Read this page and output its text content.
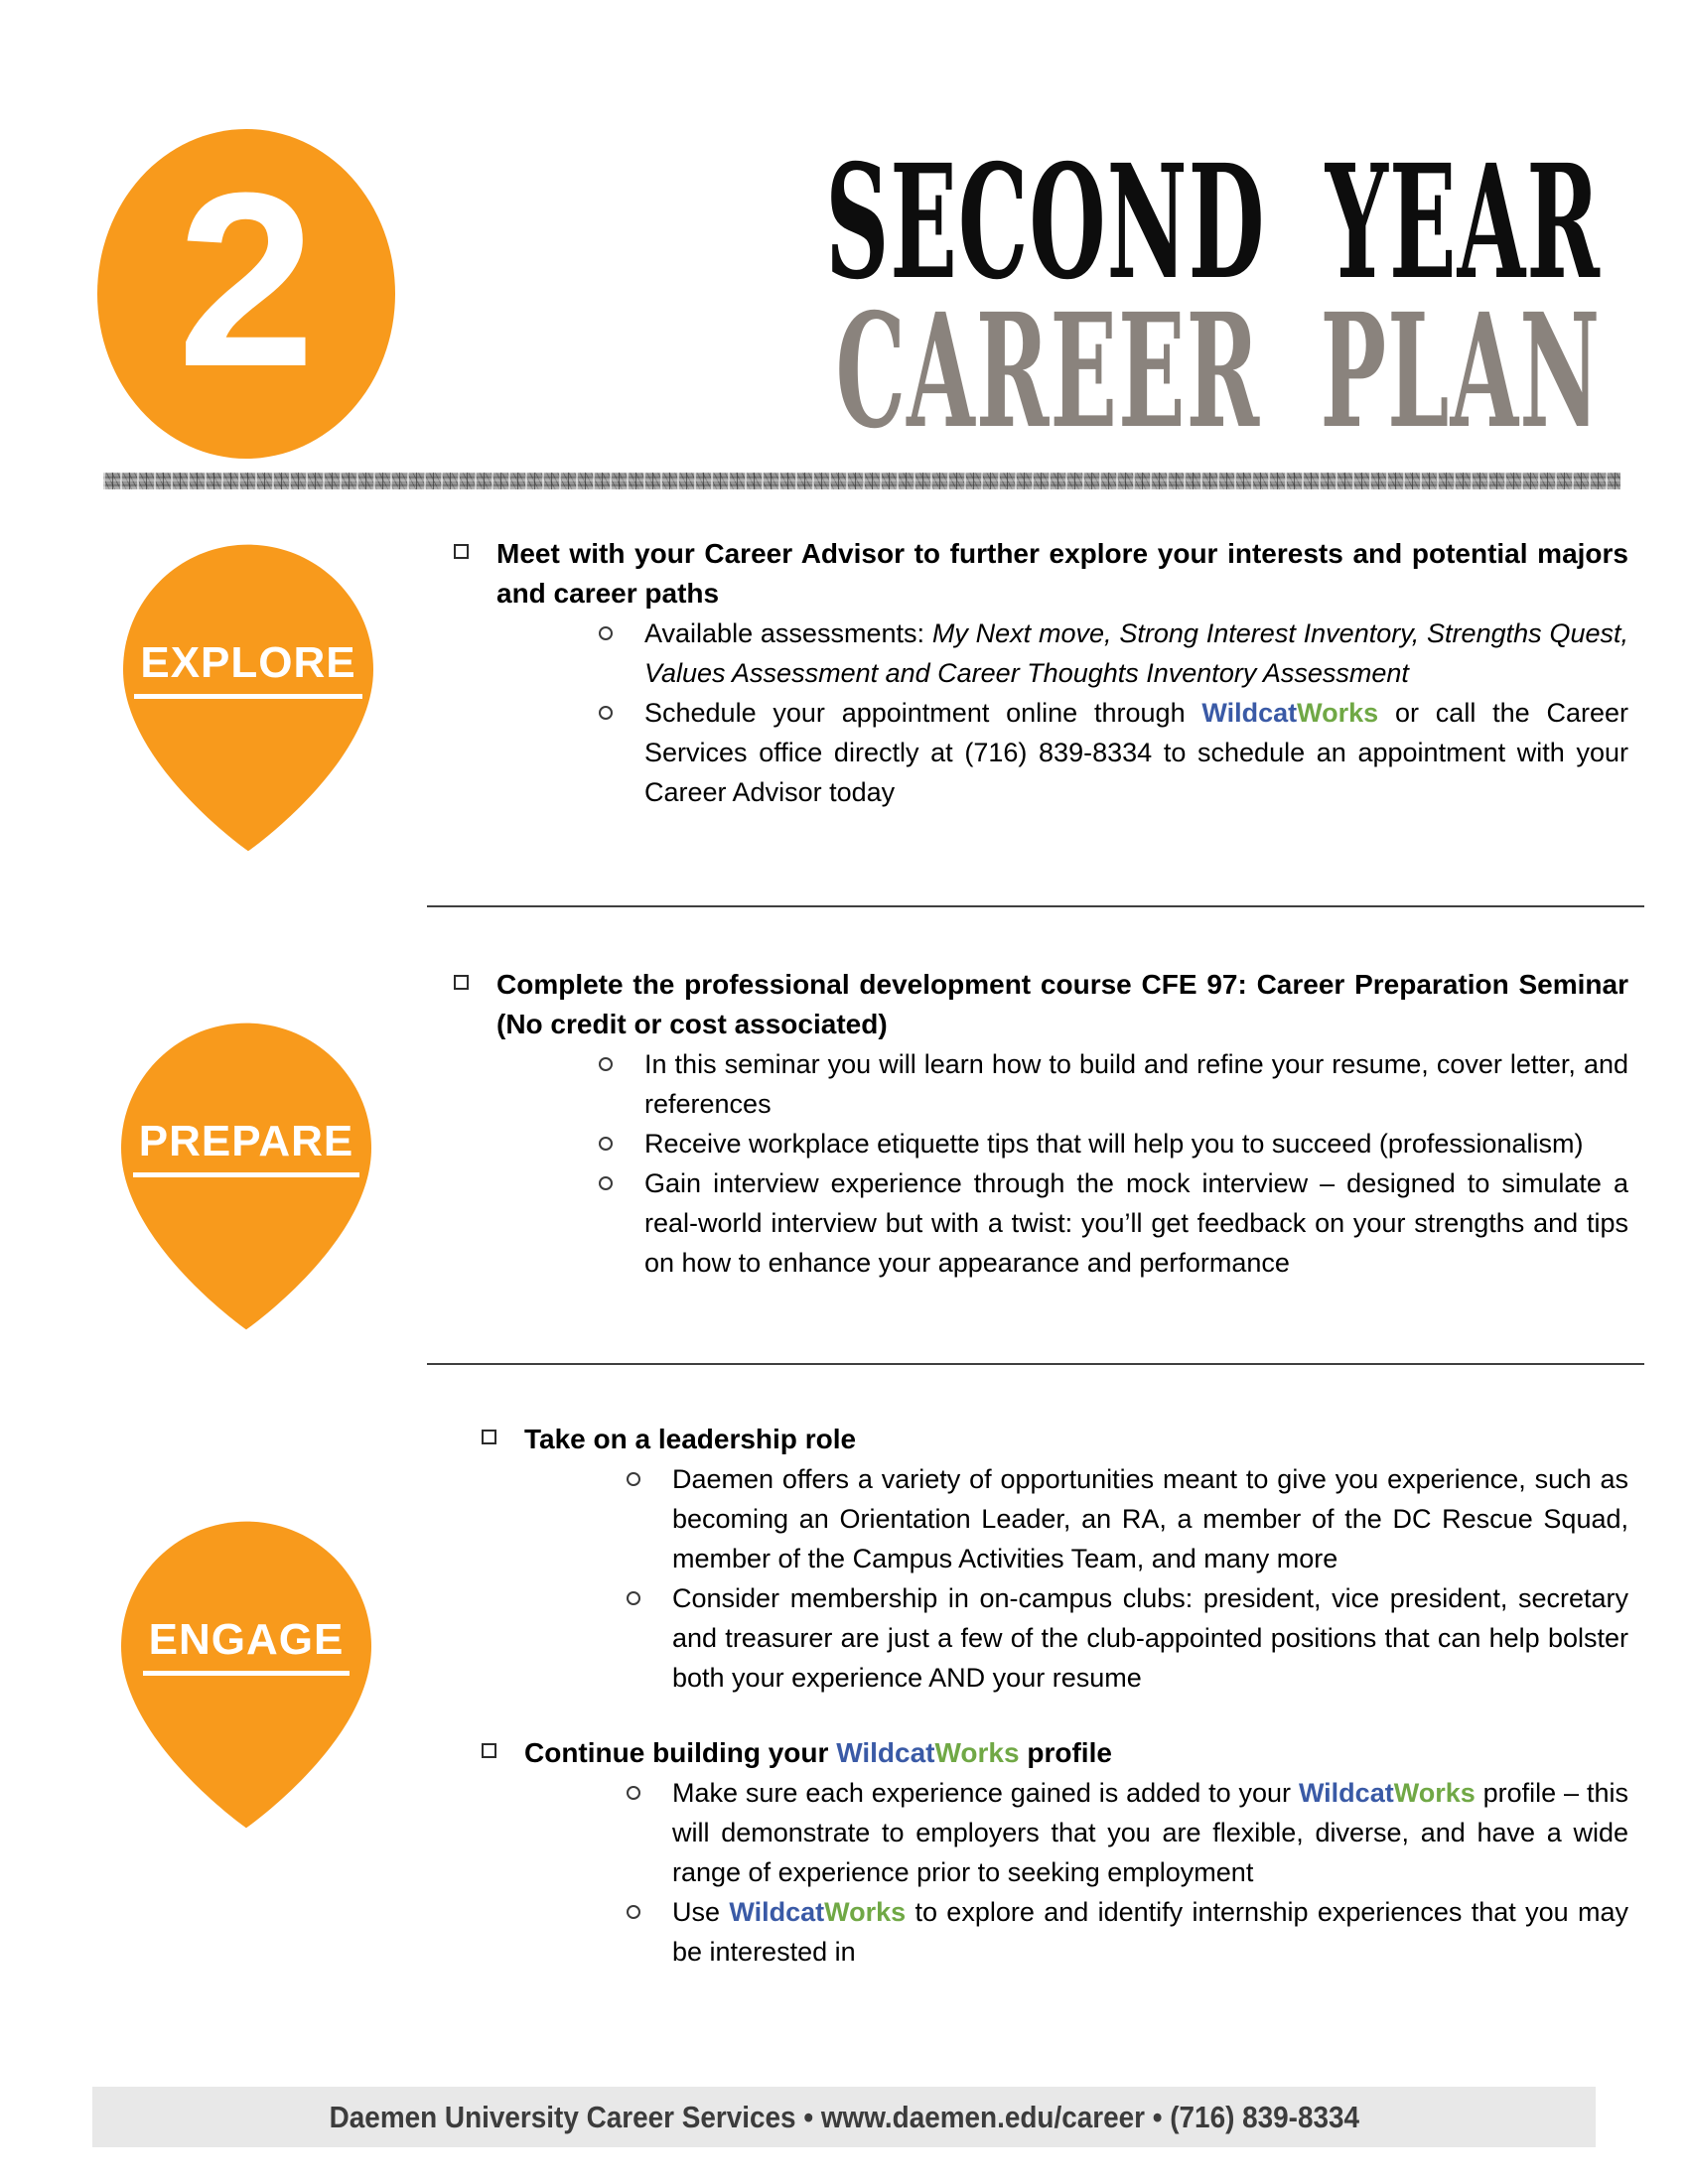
2	SECOND YEAR
CAREER PLAN
EXPLORE
PREPARE
ENGAGE

Meet with your Career Advisor to further explore your interests and potential majors and career paths

Available assessments: My Next move, Strong Interest Inventory, Strengths Quest, Values Assessment and Career Thoughts Inventory Assessment

Schedule your appointment online through WildcatWorks or call the Career Services office directly at (716) 839-8334 to schedule an appointment with your Career Advisor today

Complete the professional development course CFE 97: Career Preparation Seminar (No credit or cost associated)

In this seminar you will learn how to build and refine your resume, cover letter, and references

Receive workplace etiquette tips that will help you to succeed (professionalism)

Gain interview experience through the mock interview – designed to simulate a real-world interview but with a twist: you’ll get feedback on your strengths and tips on how to enhance your appearance and performance

Take on a leadership role

Daemen offers a variety of opportunities meant to give you experience, such as becoming an Orientation Leader, an RA, a member of the DC Rescue Squad, member of the Campus Activities Team, and many more

Consider membership in on-campus clubs: president, vice president, secretary and treasurer are just a few of the club-appointed positions that can help bolster both your experience AND your resume

Continue building your WildcatWorks profile

Make sure each experience gained is added to your WildcatWorks profile – this will demonstrate to employers that you are flexible, diverse, and have a wide range of experience prior to seeking employment

Use WildcatWorks to explore and identify internship experiences that you may be interested in

Daemen University Career Services • www.daemen.edu/career • (716) 839-8334
